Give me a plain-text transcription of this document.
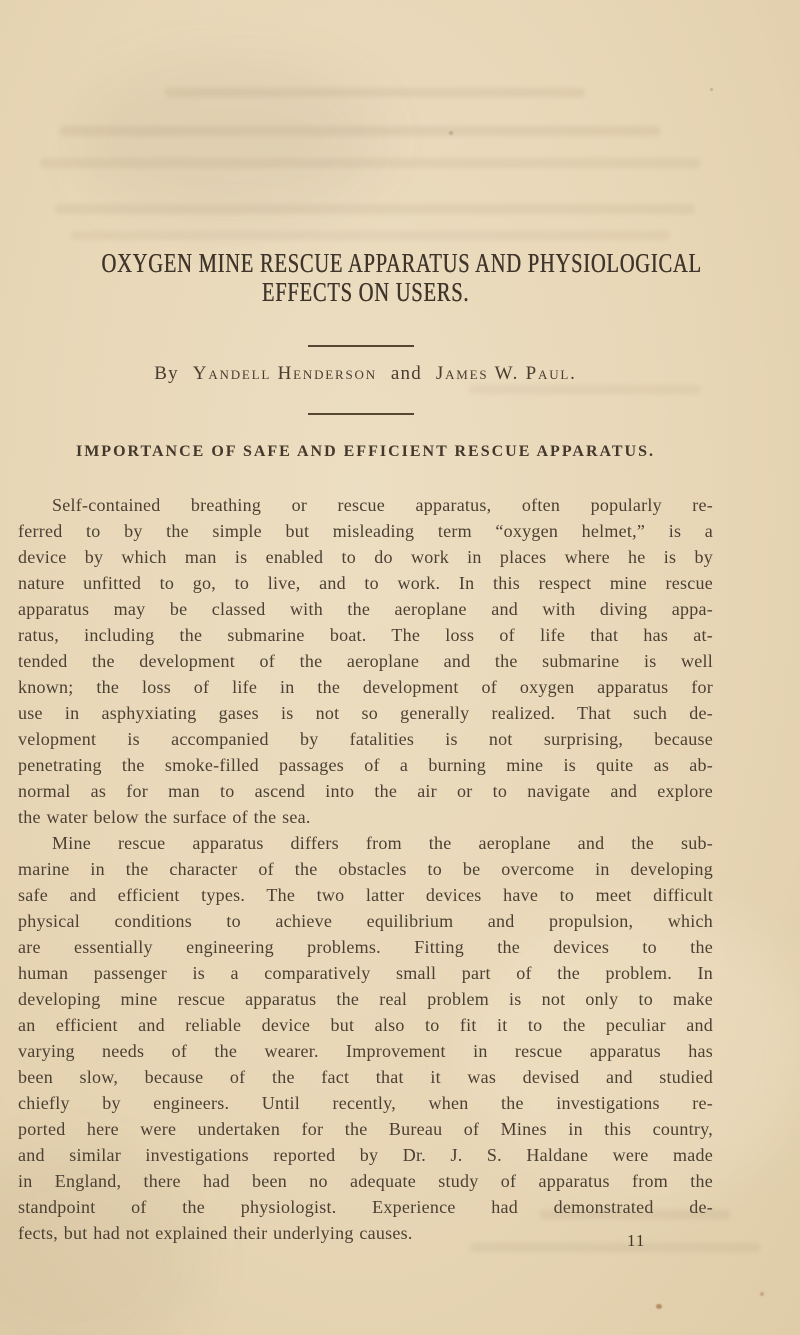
OXYGEN MINE RESCUE APPARATUS AND PHYSIOLOGICAL
EFFECTS ON USERS.
By Yandell Henderson and James W. Paul.
IMPORTANCE OF SAFE AND EFFICIENT RESCUE APPARATUS.
Self-contained breathing or rescue apparatus, often popularly re-
ferred to by the simple but misleading term “oxygen helmet,” is a
device by which man is enabled to do work in places where he is by
nature unfitted to go, to live, and to work. In this respect mine rescue
apparatus may be classed with the aeroplane and with diving appa-
ratus, including the submarine boat. The loss of life that has at-
tended the development of the aeroplane and the submarine is well
known; the loss of life in the development of oxygen apparatus for
use in asphyxiating gases is not so generally realized. That such de-
velopment is accompanied by fatalities is not surprising, because
penetrating the smoke-filled passages of a burning mine is quite as ab-
normal as for man to ascend into the air or to navigate and explore
the water below the surface of the sea.
Mine rescue apparatus differs from the aeroplane and the sub-
marine in the character of the obstacles to be overcome in developing
safe and efficient types. The two latter devices have to meet difficult
physical conditions to achieve equilibrium and propulsion, which
are essentially engineering problems. Fitting the devices to the
human passenger is a comparatively small part of the problem. In
developing mine rescue apparatus the real problem is not only to make
an efficient and reliable device but also to fit it to the peculiar and
varying needs of the wearer. Improvement in rescue apparatus has
been slow, because of the fact that it was devised and studied
chiefly by engineers. Until recently, when the investigations re-
ported here were undertaken for the Bureau of Mines in this country,
and similar investigations reported by Dr. J. S. Haldane were made
in England, there had been no adequate study of apparatus from the
standpoint of the physiologist. Experience had demonstrated de-
fects, but had not explained their underlying causes.	11
